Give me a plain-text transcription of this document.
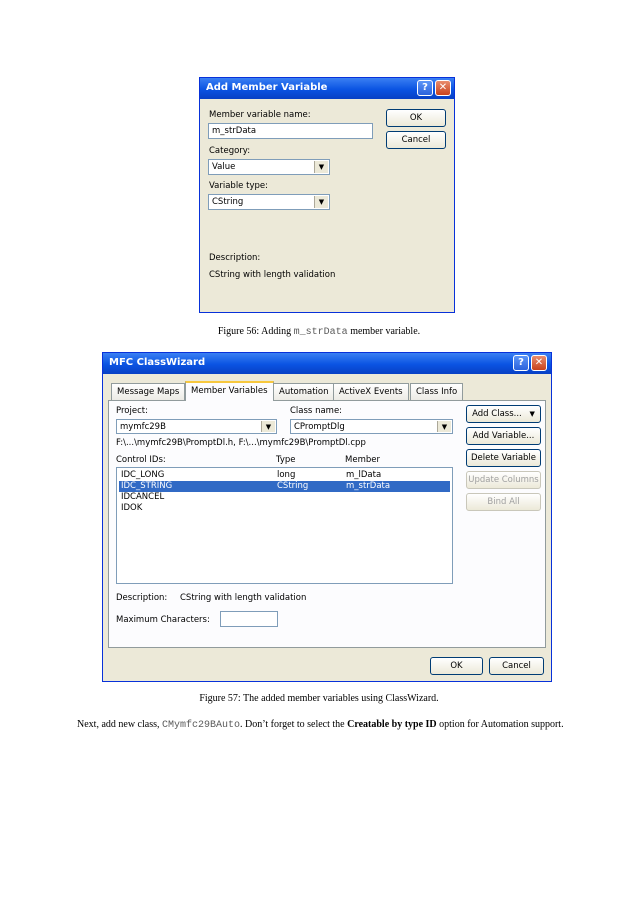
Add Member Variable	?	✕
Member variable name:
m_strData
Category:
Value	▼
Variable type:
CString	▼
OK
Cancel
Description:
CString with length validation
Figure 56: Adding m_strData member variable.
MFC ClassWizard	?	✕
Message Maps	Member Variables	Automation	ActiveX Events	Class Info
Project:
mymfc29B	▼
Class name:
CPromptDlg	▼
F:\...\mymfc29B\PromptDl.h, F:\...\mymfc29B\PromptDl.cpp
Control IDs:	Type	Member
IDC_LONG	long	m_lData
IDC_STRING	CString	m_strData
IDCANCEL
IDOK
Add Class... ▼
Add Variable...
Delete Variable
Update Columns
Bind All
Description: CString with length validation
Maximum Characters:
OK	Cancel
Figure 57: The added member variables using ClassWizard.
Next, add new class, CMymfc29BAuto. Don’t forget to select the Creatable by type ID option for Automation support.
